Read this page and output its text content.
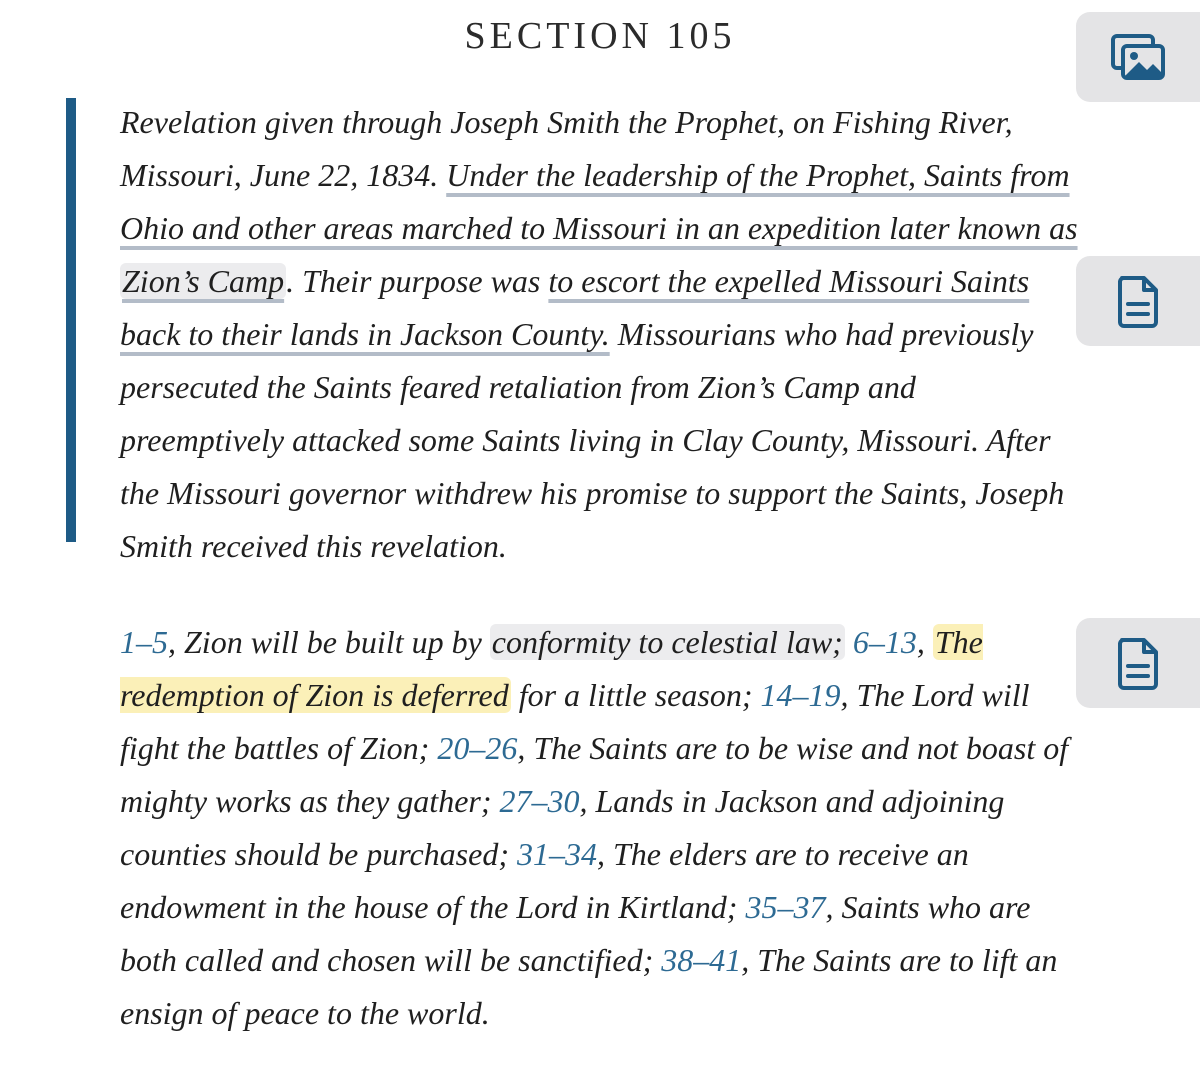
SECTION 105

Revelation given through Joseph Smith the Prophet, on Fishing River, Missouri, June 22, 1834. Under the leadership of the Prophet, Saints from Ohio and other areas marched to Missouri in an expedition later known as Zion’s Camp. Their purpose was to escort the expelled Missouri Saints back to their lands in Jackson County. Missourians who had previously persecuted the Saints feared retaliation from Zion’s Camp and preemptively attacked some Saints living in Clay County, Missouri. After the Missouri governor withdrew his promise to support the Saints, Joseph Smith received this revelation.

1–5, Zion will be built up by conformity to celestial law; 6–13, The redemption of Zion is deferred for a little season; 14–19, The Lord will fight the battles of Zion; 20–26, The Saints are to be wise and not boast of mighty works as they gather; 27–30, Lands in Jackson and adjoining counties should be purchased; 31–34, The elders are to receive an endowment in the house of the Lord in Kirtland; 35–37, Saints who are both called and chosen will be sanctified; 38–41, The Saints are to lift an ensign of peace to the world.
